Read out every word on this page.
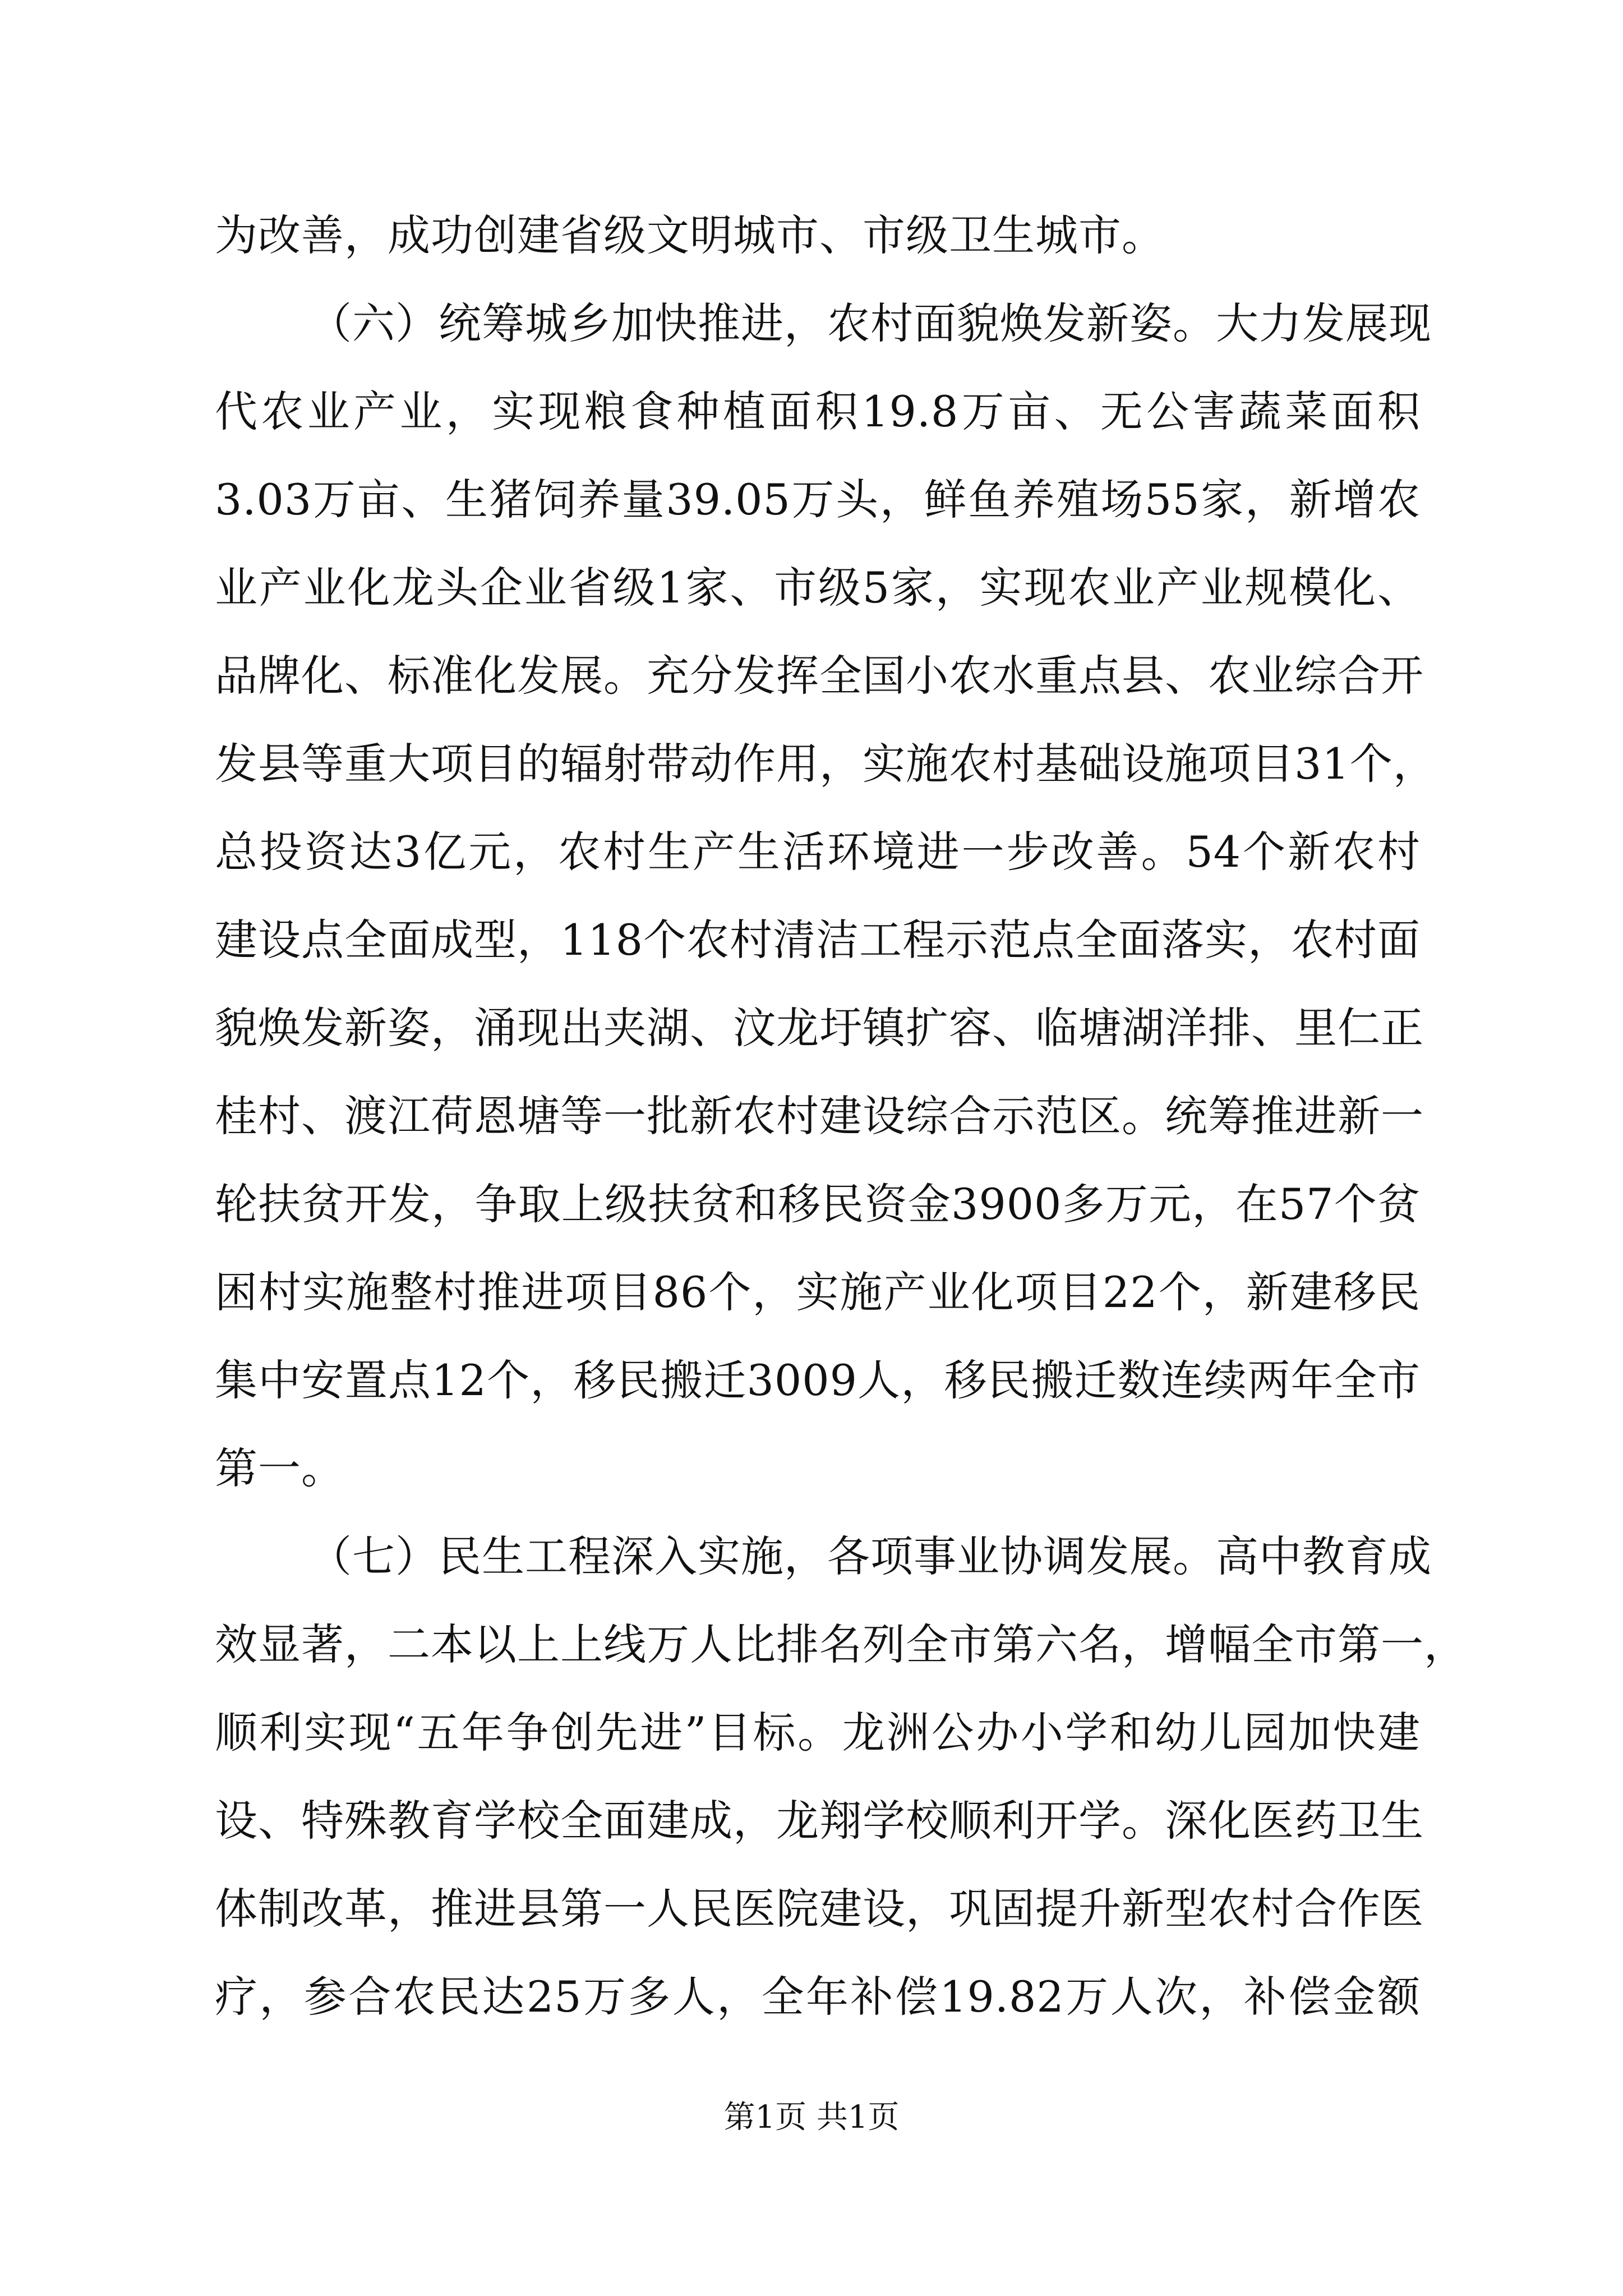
为改善，成功创建省级文明城市、市级卫生城市。
（六）统筹城乡加快推进，农村面貌焕发新姿。大力发展现
代农业产业，实现粮食种植面积19.8万亩、无公害蔬菜面积
3.03万亩、生猪饲养量39.05万头，鲜鱼养殖场55家，新增农
业产业化龙头企业省级1家、市级5家，实现农业产业规模化、
品牌化、标准化发展。充分发挥全国小农水重点县、农业综合开
发县等重大项目的辐射带动作用，实施农村基础设施项目31个，
总投资达3亿元，农村生产生活环境进一步改善。54个新农村
建设点全面成型，118个农村清洁工程示范点全面落实，农村面
貌焕发新姿，涌现出夹湖、汶龙圩镇扩容、临塘湖洋排、里仁正
桂村、渡江荷恩塘等一批新农村建设综合示范区。统筹推进新一
轮扶贫开发，争取上级扶贫和移民资金3900多万元，在57个贫
困村实施整村推进项目86个，实施产业化项目22个，新建移民
集中安置点12个，移民搬迁3009人，移民搬迁数连续两年全市
第一。
（七）民生工程深入实施，各项事业协调发展。高中教育成
效显著，二本以上上线万人比排名列全市第六名，增幅全市第一，
顺利实现“五年争创先进”目标。龙洲公办小学和幼儿园加快建
设、特殊教育学校全面建成，龙翔学校顺利开学。深化医药卫生
体制改革，推进县第一人民医院建设，巩固提升新型农村合作医
疗，参合农民达25万多人，全年补偿19.82万人次，补偿金额
第1页 共1页
